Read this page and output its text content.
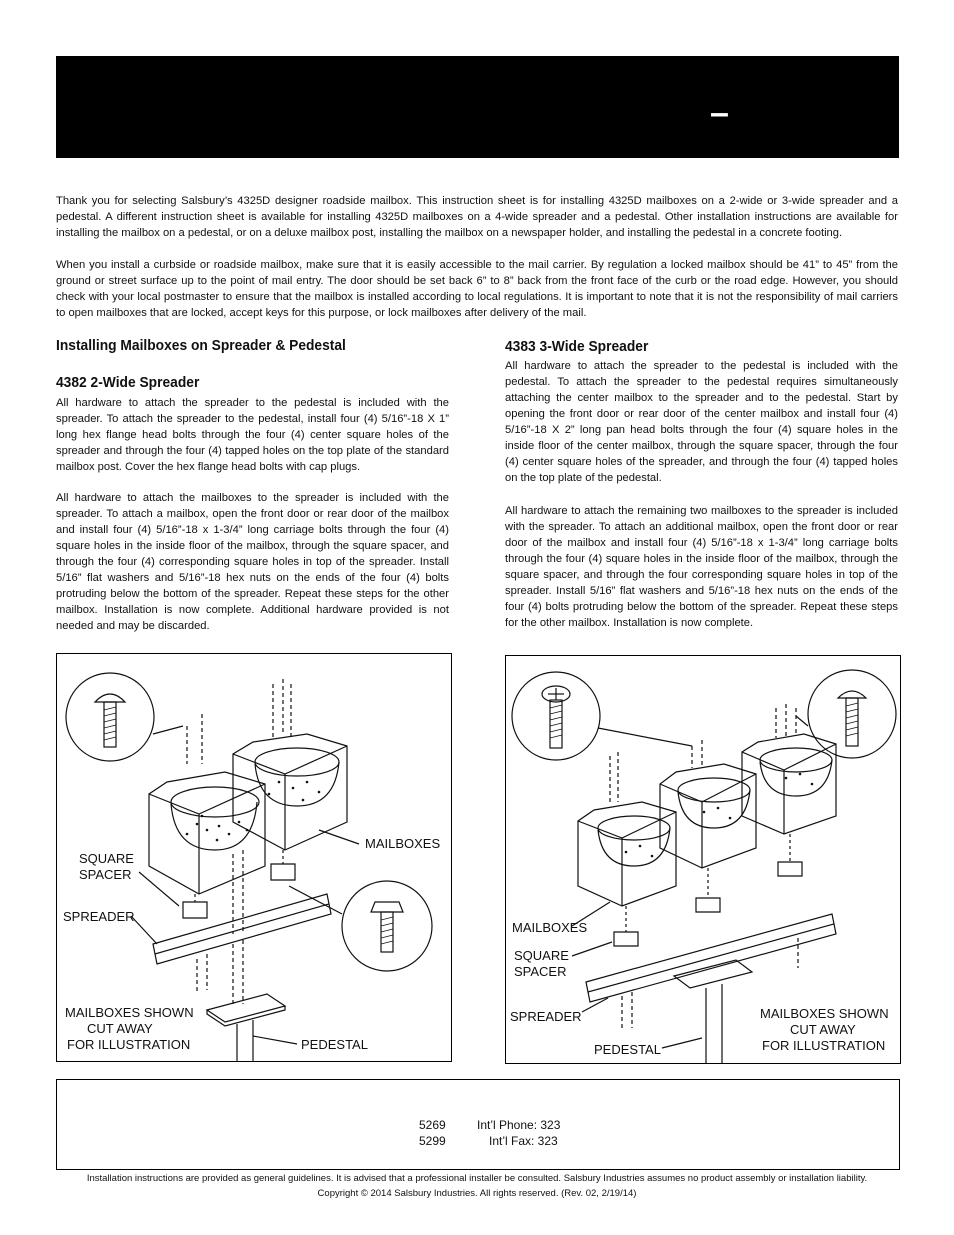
–

Thank you for selecting Salsbury’s 4325D designer roadside mailbox. This instruction sheet is for installing 4325D mailboxes on a 2-wide or 3-wide spreader and a pedestal. A different instruction sheet is available for installing 4325D mailboxes on a 4-wide spreader and a pedestal. Other installation instructions are available for installing the mailbox on a pedestal, or on a deluxe mailbox post, installing the mailbox on a newspaper holder, and installing the pedestal in a concrete footing.

When you install a curbside or roadside mailbox, make sure that it is easily accessible to the mail carrier. By regulation a locked mailbox should be 41” to 45” from the ground or street surface up to the point of mail entry. The door should be set back 6” to 8” back from the front face of the curb or the road edge. However, you should check with your local postmaster to ensure that the mailbox is installed according to local regulations. It is important to note that it is not the responsibility of mail carriers to open mailboxes that are locked, accept keys for this purpose, or lock mailboxes after delivery of the mail.

Installing Mailboxes on Spreader & Pedestal
4382 2-Wide Spreader

All hardware to attach the spreader to the pedestal is included with the spreader. To attach the spreader to the pedestal, install four (4) 5/16”-18 X 1” long hex flange head bolts through the four (4) center square holes of the spreader and through the four (4) tapped holes on the top plate of the standard mailbox post. Cover the hex flange head bolts with cap plugs.

All hardware to attach the mailboxes to the spreader is included with the spreader. To attach a mailbox, open the front door or rear door of the mailbox and install four (4) 5/16”-18 x 1-3/4” long carriage bolts through the four (4) square holes in the inside floor of the mailbox, through the square spacer, and through the four (4) corresponding square holes in top of the spreader. Install 5/16” flat washers and 5/16”-18 hex nuts on the ends of the four (4) bolts protruding below the bottom of the spreader. Repeat these steps for the other mailbox. Installation is now complete. Additional hardware provided is not needed and may be discarded.

4383 3-Wide Spreader

All hardware to attach the spreader to the pedestal is included with the pedestal. To attach the spreader to the pedestal requires simultaneously attaching the center mailbox to the spreader and to the pedestal. Start by opening the front door or rear door of the center mailbox and install four (4) 5/16”-18 X 2” long pan head bolts through the four (4) square holes in the inside floor of the center mailbox, through the square spacer, through the four (4) center square holes of the spreader, and through the four (4) tapped holes on the top plate of the pedestal.

All hardware to attach the remaining two mailboxes to the spreader is included with the spreader. To attach an additional mailbox, open the front door or rear door of the mailbox and install four (4) 5/16”-18 x 1-3/4” long carriage bolts through the four (4) square holes in the inside floor of the mailbox, through the square spacer, and through the four corresponding square holes in top of the spreader. Install 5/16” flat washers and 5/16”-18 hex nuts on the ends of the four (4) bolts protruding below the bottom of the spreader. Repeat these steps for the other mailbox. Installation is now complete.

SQUARE
SPACER
SPREADER
MAILBOXES
MAILBOXES SHOWN
CUT AWAY
FOR ILLUSTRATION	PEDESTAL
MAILBOXES
SQUARE
SPACER
SPREADER
PEDESTAL
MAILBOXES SHOWN
CUT AWAY
FOR ILLUSTRATION
5269	Int’l Phone: 323
5299	Int’l Fax: 323
Installation instructions are provided as general guidelines. It is advised that a professional installer be consulted. Salsbury Industries assumes no product assembly or installation liability.
Copyright © 2014 Salsbury Industries. All rights reserved. (Rev. 02, 2/19/14)
